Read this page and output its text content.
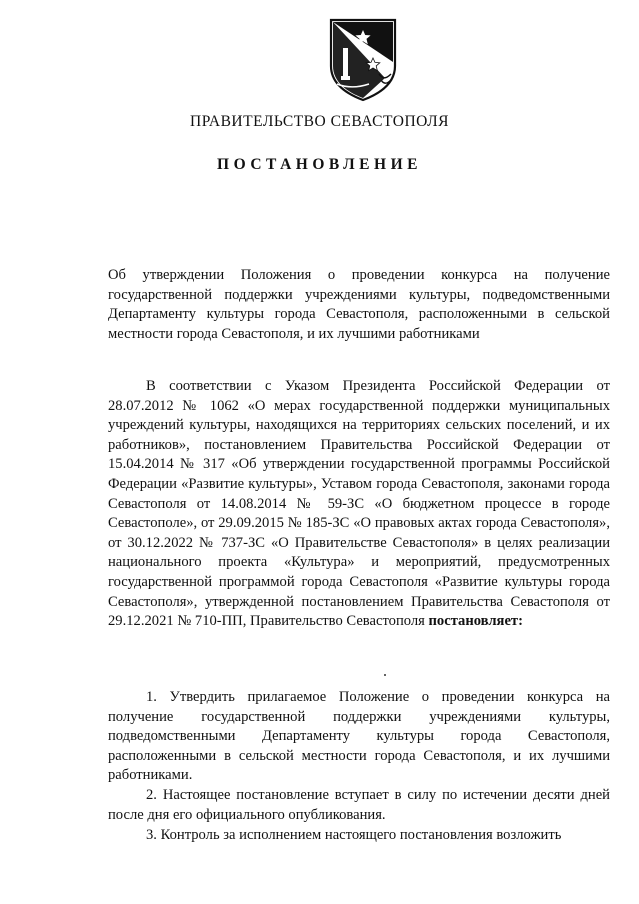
ПРАВИТЕЛЬСТВО СЕВАСТОПОЛЯ
ПОСТАНОВЛЕНИЕ

Об утверждении Положения о проведении конкурса на получение государственной поддержки учреждениями культуры, подведомственными Департаменту культуры города Севастополя, расположенными в сельской местности города Севастополя, и их лучшими работниками

В соответствии с Указом Президента Российской Федерации от 28.07.2012 № 1062 «О мерах государственной поддержки муниципальных учреждений культуры, находящихся на территориях сельских поселений, и их работников», постановлением Правительства Российской Федерации от 15.04.2014 № 317 «Об утверждении государственной программы Российской Федерации «Развитие культуры», Уставом города Севастополя, законами города Севастополя от 14.08.2014 № 59-ЗС «О бюджетном процессе в городе Севастополе», от 29.09.2015 № 185-ЗС «О правовых актах города Севастополя», от 30.12.2022 № 737-ЗС «О Правительстве Севастополя» в целях реализации национального проекта «Культура» и мероприятий, предусмотренных государственной программой города Севастополя «Развитие культуры города Севастополя», утвержденной постановлением Правительства Севастополя от 29.12.2021 № 710-ПП, Правительство Севастополя постановляет:

1. Утвердить прилагаемое Положение о проведении конкурса на получение государственной поддержки учреждениями культуры, подведомственными Департаменту культуры города Севастополя, расположенными в сельской местности города Севастополя, и их лучшими работниками.

2. Настоящее постановление вступает в силу по истечении десяти дней после дня его официального опубликования.

3. Контроль за исполнением настоящего постановления возложить
